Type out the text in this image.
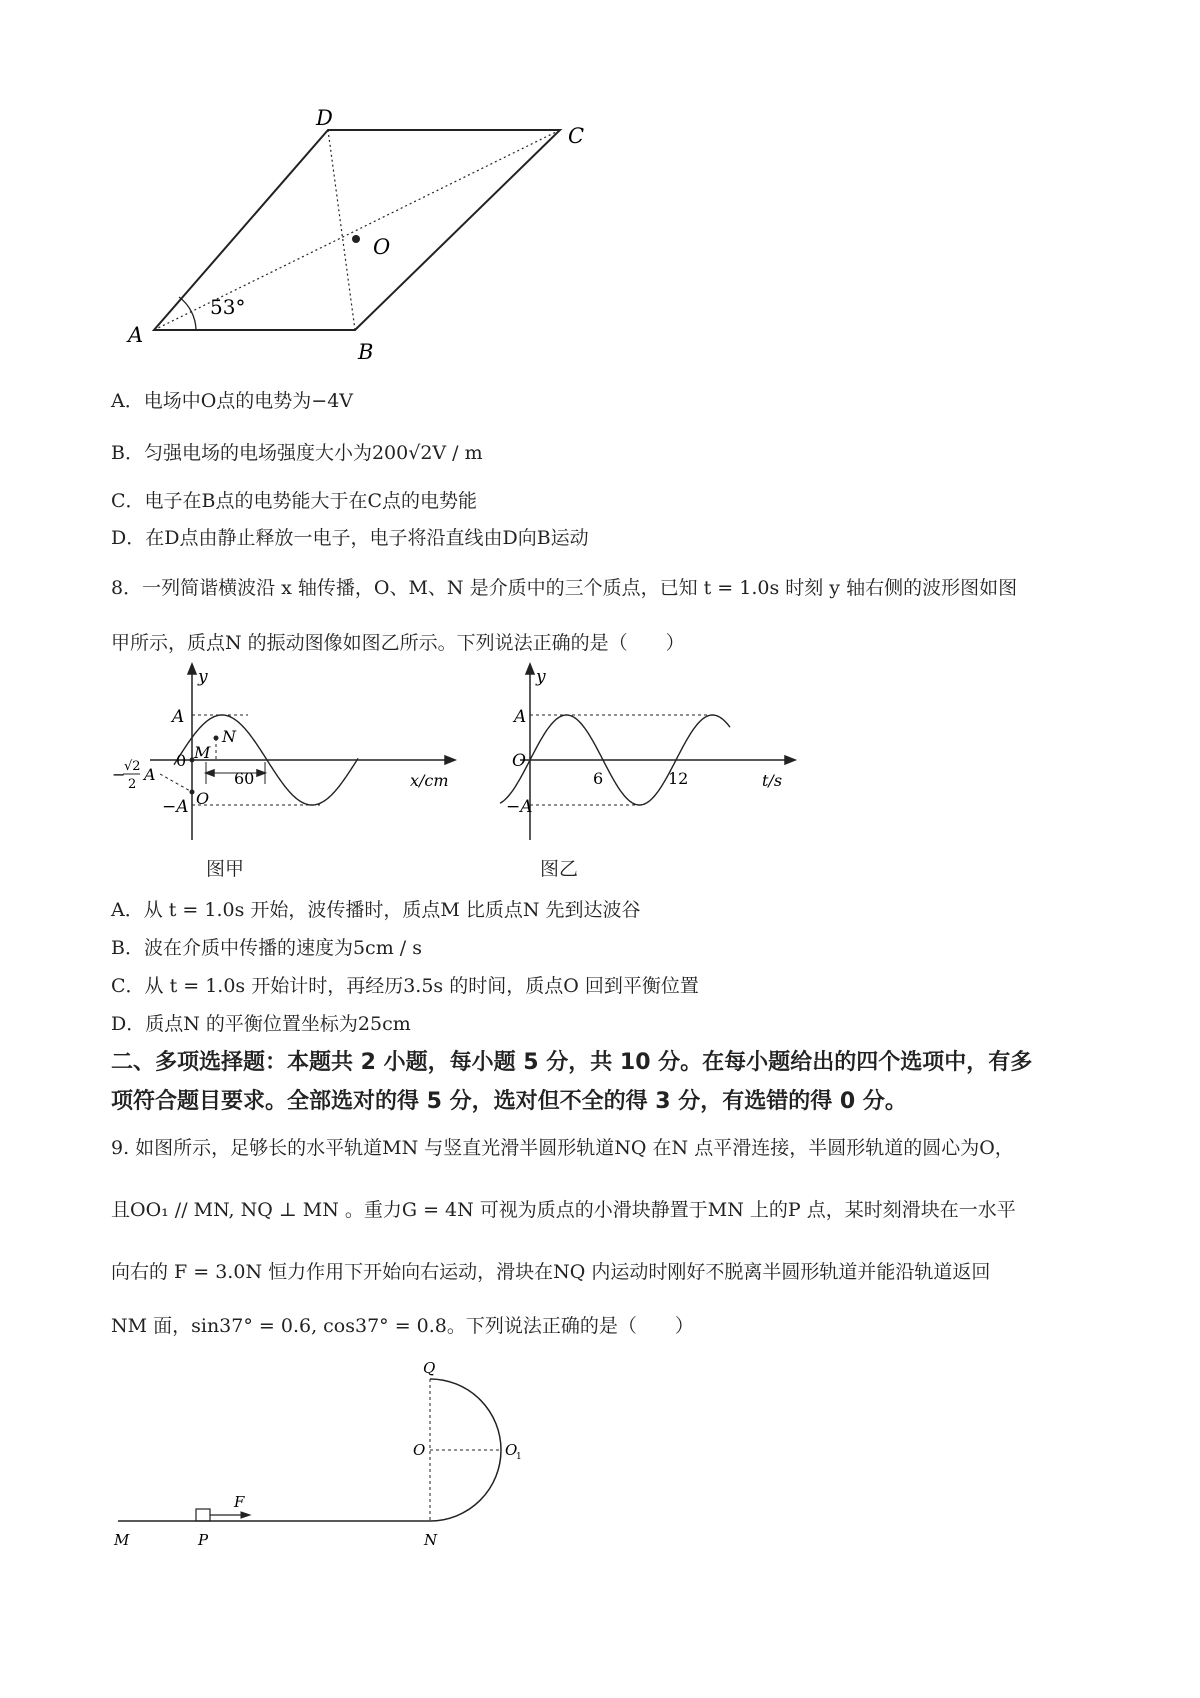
A
B
C
D
O
53°
A．电场中O点的电势为−4V
B．匀强电场的电场强度大小为200√2V / m
C．电子在B点的电势能大于在C点的电势能
D．在D点由静止释放一电子，电子将沿直线由D向B运动
8．一列简谐横波沿 x 轴传播，O、M、N 是介质中的三个质点，已知 t = 1.0s 时刻 y 轴右侧的波形图如图
甲所示，质点N 的振动图像如图乙所示。下列说法正确的是（　　）
y
x/cm
A
−A
0 M
N
O
60
−
√2
2
A
图甲
y
t/s
A
−A
O
6	12
图乙
A．从 t = 1.0s 开始，波传播时，质点M 比质点N 先到达波谷
B．波在介质中传播的速度为5cm / s
C．从 t = 1.0s 开始计时，再经历3.5s 的时间，质点O 回到平衡位置
D．质点N 的平衡位置坐标为25cm
二、多项选择题：本题共 2 小题，每小题 5 分，共 10 分。在每小题给出的四个选项中，有多
项符合题目要求。全部选对的得 5 分，选对但不全的得 3 分，有选错的得 0 分。
9. 如图所示，足够长的水平轨道MN 与竖直光滑半圆形轨道NQ 在N 点平滑连接，半圆形轨道的圆心为O，
且OO₁ // MN, NQ ⊥ MN 。重力G = 4N 可视为质点的小滑块静置于MN 上的P 点，某时刻滑块在一水平
向右的 F = 3.0N 恒力作用下开始向右运动，滑块在NQ 内运动时刚好不脱离半圆形轨道并能沿轨道返回
NM 面，sin37° = 0.6, cos37° = 0.8。下列说法正确的是（　　）
M	P	N
O	O
1
Q
F
